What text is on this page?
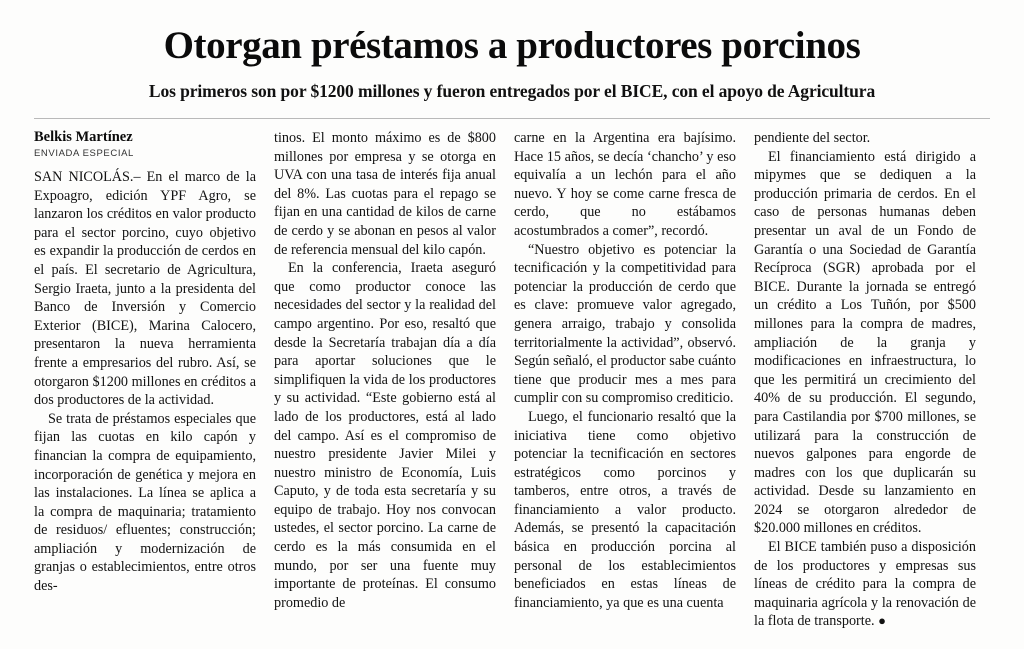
Otorgan préstamos a productores porcinos
Los primeros son por $1200 millones y fueron entregados por el BICE, con el apoyo de Agricultura
Belkis Martínez
ENVIADA ESPECIAL

SAN NICOLÁS.– En el marco de la Expoagro, edición YPF Agro, se lanzaron los créditos en valor producto para el sector porcino, cuyo objetivo es expandir la producción de cerdos en el país. El secretario de Agricultura, Sergio Iraeta, junto a la presidenta del Banco de Inversión y Comercio Exterior (BICE), Marina Calocero, presentaron la nueva herramienta frente a empresarios del rubro. Así, se otorgaron $1200 millones en créditos a dos productores de la actividad.

Se trata de préstamos especiales que fijan las cuotas en kilo capón y financian la compra de equipamiento, incorporación de genética y mejora en las instalaciones. La línea se aplica a la compra de maquinaria; tratamiento de residuos/ efluentes; construcción; ampliación y modernización de granjas o establecimientos, entre otros des-

tinos. El monto máximo es de $800 millones por empresa y se otorga en UVA con una tasa de interés fija anual del 8%. Las cuotas para el repago se fijan en una cantidad de kilos de carne de cerdo y se abonan en pesos al valor de referencia mensual del kilo capón.

En la conferencia, Iraeta aseguró que como productor conoce las necesidades del sector y la realidad del campo argentino. Por eso, resaltó que desde la Secretaría trabajan día a día para aportar soluciones que le simplifiquen la vida de los productores y su actividad. “Este gobierno está al lado de los productores, está al lado del campo. Así es el compromiso de nuestro presidente Javier Milei y nuestro ministro de Economía, Luis Caputo, y de toda esta secretaría y su equipo de trabajo. Hoy nos convocan ustedes, el sector porcino. La carne de cerdo es la más consumida en el mundo, por ser una fuente muy importante de proteínas. El consumo promedio de

carne en la Argentina era bajísimo. Hace 15 años, se decía ‘chancho’ y eso equivalía a un lechón para el año nuevo. Y hoy se come carne fresca de cerdo, que no estábamos acostumbrados a comer”, recordó.

“Nuestro objetivo es potenciar la tecnificación y la competitividad para potenciar la producción de cerdo que es clave: promueve valor agregado, genera arraigo, trabajo y consolida territorialmente la actividad”, observó. Según señaló, el productor sabe cuánto tiene que producir mes a mes para cumplir con su compromiso crediticio.

Luego, el funcionario resaltó que la iniciativa tiene como objetivo potenciar la tecnificación en sectores estratégicos como porcinos y tamberos, entre otros, a través de financiamiento a valor producto. Además, se presentó la capacitación básica en producción porcina al personal de los establecimientos beneficiados en estas líneas de financiamiento, ya que es una cuenta

pendiente del sector.

El financiamiento está dirigido a mipymes que se dediquen a la producción primaria de cerdos. En el caso de personas humanas deben presentar un aval de un Fondo de Garantía o una Sociedad de Garantía Recíproca (SGR) aprobada por el BICE. Durante la jornada se entregó un crédito a Los Tuñón, por $500 millones para la compra de madres, ampliación de la granja y modificaciones en infraestructura, lo que les permitirá un crecimiento del 40% de su producción. El segundo, para Castilandia por $700 millones, se utilizará para la construcción de nuevos galpones para engorde de madres con los que duplicarán su actividad. Desde su lanzamiento en 2024 se otorgaron alrededor de $20.000 millones en créditos.

El BICE también puso a disposición de los productores y empresas sus líneas de crédito para la compra de maquinaria agrícola y la renovación de la flota de transporte. ●
